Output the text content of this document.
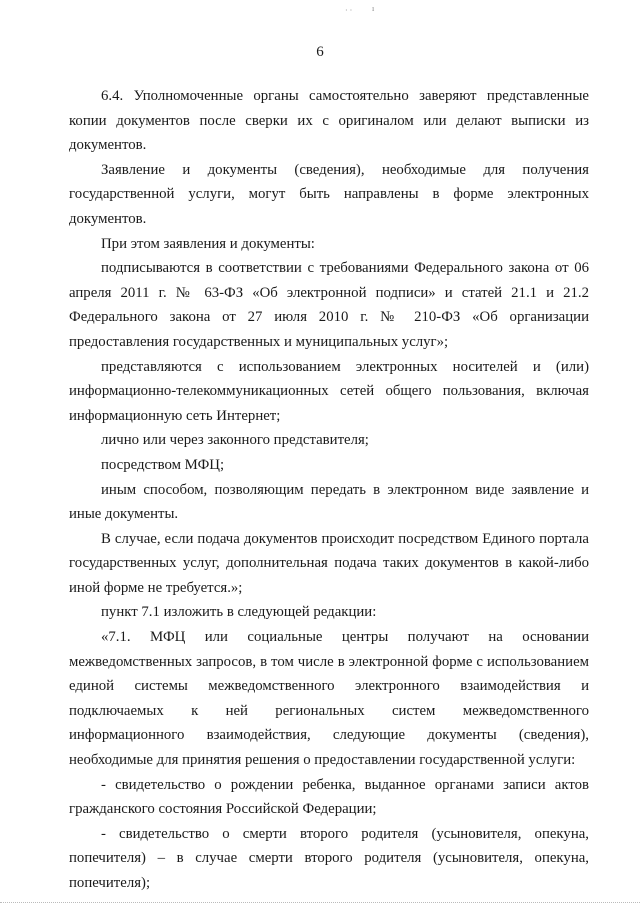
· · ı
6

6.4. Уполномоченные органы самостоятельно заверяют представленные копии документов после сверки их с оригиналом или делают выписки из документов.

Заявление и документы (сведения), необходимые для получения государственной услуги, могут быть направлены в форме электронных документов.

При этом заявления и документы:

подписываются в соответствии с требованиями Федерального закона от 06 апреля 2011 г. № 63-ФЗ «Об электронной подписи» и статей 21.1 и 21.2 Федерального закона от 27 июля 2010 г. № 210-ФЗ «Об организации предоставления государственных и муниципальных услуг»;

представляются с использованием электронных носителей и (или) информационно-телекоммуникационных сетей общего пользования, включая информационную сеть Интернет;

лично или через законного представителя;

посредством МФЦ;

иным способом, позволяющим передать в электронном виде заявление и иные документы.

В случае, если подача документов происходит посредством Единого портала государственных услуг, дополнительная подача таких документов в какой-либо иной форме не требуется.»;

пункт 7.1 изложить в следующей редакции:

«7.1. МФЦ или социальные центры получают на основании межведомственных запросов, в том числе в электронной форме с использованием единой системы межведомственного электронного взаимодействия и подключаемых к ней региональных систем межведомственного информационного взаимодействия, следующие документы (сведения), необходимые для принятия решения о предоставлении государственной услуги:

- свидетельство о рождении ребенка, выданное органами записи актов гражданского состояния Российской Федерации;

- свидетельство о смерти второго родителя (усыновителя, опекуна, попечителя) – в случае смерти второго родителя (усыновителя, опекуна, попечителя);
